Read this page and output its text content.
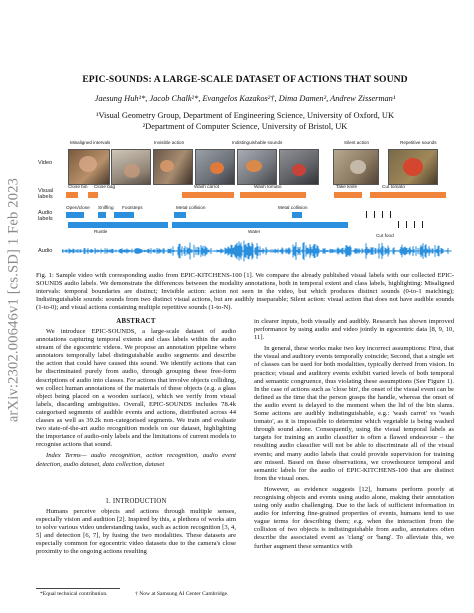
arXiv:2302.00646v1 [cs.SD] 1 Feb 2023
EPIC-SOUNDS: A LARGE-SCALE DATASET OF ACTIONS THAT SOUND
Jaesung Huh¹*, Jacob Chalk²*, Evangelos Kazakos²†, Dima Damen², Andrew Zisserman¹
¹Visual Geometry Group, Department of Engineering Science, University of Oxford, UK
²Department of Computer Science, University of Bristol, UK
Video
Visual labels
Audio labels
Audio
Misaligned intervals	Invisible action	Indistinguishable sounds	Silent action	Repetitive sounds
Close bin Close bag	Wash carrot	Wash tomato	Take knife	Cut tomato
Open/close Sniffing Footsteps	Metal collision	Metal collision
Rustle	Water
Cut food
Fig. 1: Sample video with corresponding audio from EPIC-KITCHENS-100 [1]. We compare the already published visual labels with our collected EPIC-SOUNDS audio labels. We demonstrate the differences between the modality annotations, both in temporal extent and class labels, highlighting: Misaligned intervals: temporal boundaries are distinct; Invisible action: action not seen in the video, but which produces distinct sounds (0-to-1 matching); Indistinguishable sounds: sounds from two distinct visual actions, but are audibly inseparable; Silent action: visual action that does not have audible sounds (1-to-0); and visual actions containing multiple repetitive sounds (1-to-N).
ABSTRACT

We introduce EPIC-SOUNDS, a large-scale dataset of audio annotations capturing temporal extents and class labels within the audio stream of the egocentric videos. We propose an annotation pipeline where annotators temporally label distinguishable audio segments and describe the action that could have caused this sound. We identify actions that can be discriminated purely from audio, through grouping these free-form descriptions of audio into classes. For actions that involve objects colliding, we collect human annotations of the materials of these objects (e.g. a glass object being placed on a wooden surface), which we verify from visual labels, discarding ambiguities. Overall, EPIC-SOUNDS includes 78.4k categorised segments of audible events and actions, distributed across 44 classes as well as 39.2k non-categorised segments. We train and evaluate two state-of-the-art audio recognition models on our dataset, highlighting the importance of audio-only labels and the limitations of current models to recognise actions that sound.

Index Terms— audio recognition, action recognition, audio event detection, audio dataset, data collection, dataset

1. INTRODUCTION

Humans perceive objects and actions through multiple senses, especially vision and audition [2]. Inspired by this, a plethora of works aim to solve various video understanding tasks, such as action recognition [3, 4, 5] and detection [6, 7], by fusing the two modalities. These datasets are especially common for egocentric video datasets due to the camera's close proximity to the ongoing actions resulting

*Equal technical contribution.	† Now at Samsung AI Center Cambridge.

in clearer inputs, both visually and audibly. Research has shown improved performance by using audio and video jointly in egocentric data [8, 9, 10, 11].

In general, these works make two key incorrect assumptions: First, that the visual and auditory events temporally coincide; Second, that a single set of classes can be used for both modalities, typically derived from vision. In practice; visual and auditory events exhibit varied levels of both temporal and semantic congruence, thus violating these assumptions (See Figure 1). In the case of actions such as 'close bin', the onset of the visual event can be defined as the time that the person grasps the handle, whereas the onset of the audio event is delayed to the moment when the lid of the bin slams. Some actions are audibly indistinguishable, e.g.: 'wash carrot' vs 'wash tomato', as it is impossible to determine which vegetable is being washed through sound alone. Consequently, using the visual temporal labels as targets for training an audio classifier is often a flawed endeavour – the resulting audio classifier will not be able to discriminate all of the visual events; and many audio labels that could provide supervision for training are missed. Based on these observations, we crowdsource temporal and semantic labels for the audio of EPIC-KITCHENS-100 that are distinct from the visual ones.

However, as evidence suggests [12], humans perform poorly at recognising objects and events using audio alone, making their annotation using only audio challenging. Due to the lack of sufficient information in audio for inferring fine-grained properties of events, humans tend to use vague terms for describing them; e.g. when the interaction from the collision of two objects is indistinguishable from audio, annotators often describe the associated event as 'clang' or 'bang'. To alleviate this, we further augment these semantics with
